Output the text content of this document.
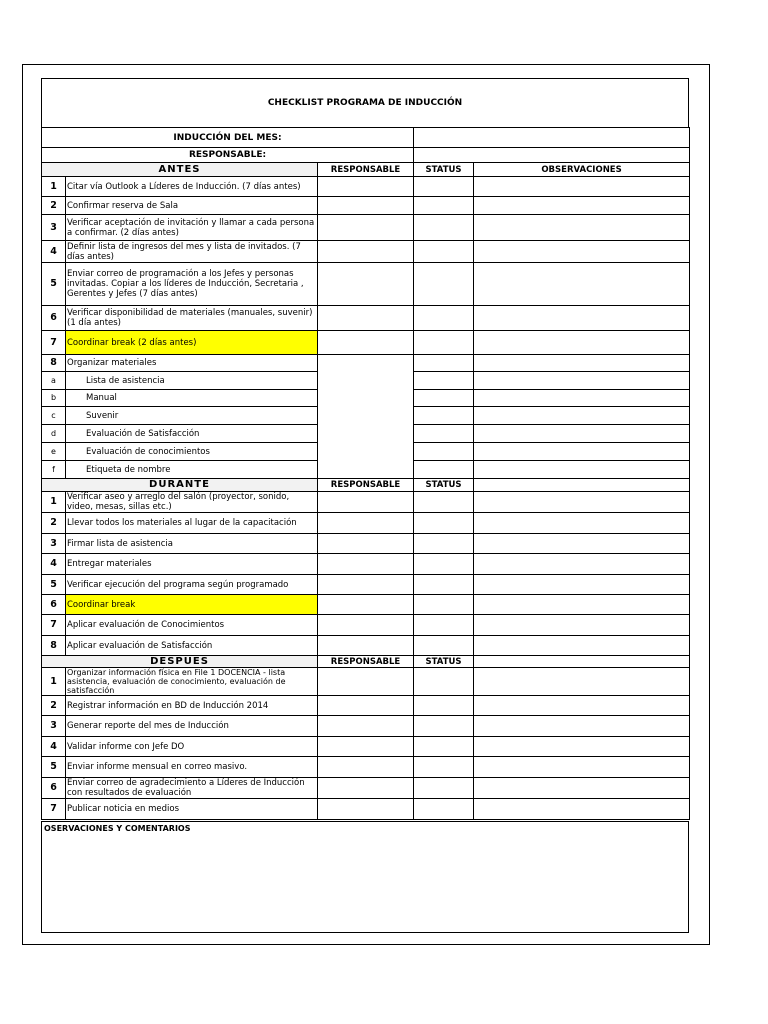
CHECKLIST PROGRAMA DE INDUCCIÓN
INDUCCIÓN DEL MES:				
RESPONSABLE:				
ANTES		RESPONSABLE	STATUS	OBSERVACIONES
1	Citar vía Outlook a Líderes de Inducción. (7 días antes)			
2	Confirmar reserva de Sala			
3	Verificar aceptación de invitación y llamar a cada persona a confirmar. (2 días antes)			
4	Definir lista de ingresos del mes y lista de invitados. (7 días antes)			
5	Enviar correo de programación a los Jefes y personas invitadas. Copiar a los líderes de Inducción, Secretaria , Gerentes y Jefes (7 días antes)			
6	Verificar disponibilidad de materiales (manuales, suvenir) (1 día antes)			
7	Coordinar break (2 días antes)			
8	Organizar materiales			
a	Lista de asistencia			
b	Manual			
c	Suvenir			
d	Evaluación de Satisfacción			
e	Evaluación de conocimientos			
f	Etiqueta de nombre			
DURANTE		RESPONSABLE	STATUS	
1	Verificar aseo y arreglo del salón (proyector, sonido, video, mesas, sillas etc.)			
2	Llevar todos los materiales al lugar de la capacitación			
3	Firmar lista de asistencia			
4	Entregar materiales			
5	Verificar ejecución del programa según programado			
6	Coordinar break			
7	Aplicar evaluación de Conocimientos			
8	Aplicar evaluación de Satisfacción			
DESPUES		RESPONSABLE	STATUS	
1	Organizar información física en File 1 DOCENCIA - lista asistencia, evaluación de conocimiento, evaluación de satisfacción			
2	Registrar información en BD de Inducción 2014			
3	Generar reporte del mes de Inducción			
4	Validar informe con Jefe DO			
5	Enviar informe mensual en correo masivo.			
6	Enviar correo de agradecimiento a Líderes de Inducción con resultados de evaluación			
7	Publicar noticia en medios			
OSERVACIONES Y COMENTARIOS
